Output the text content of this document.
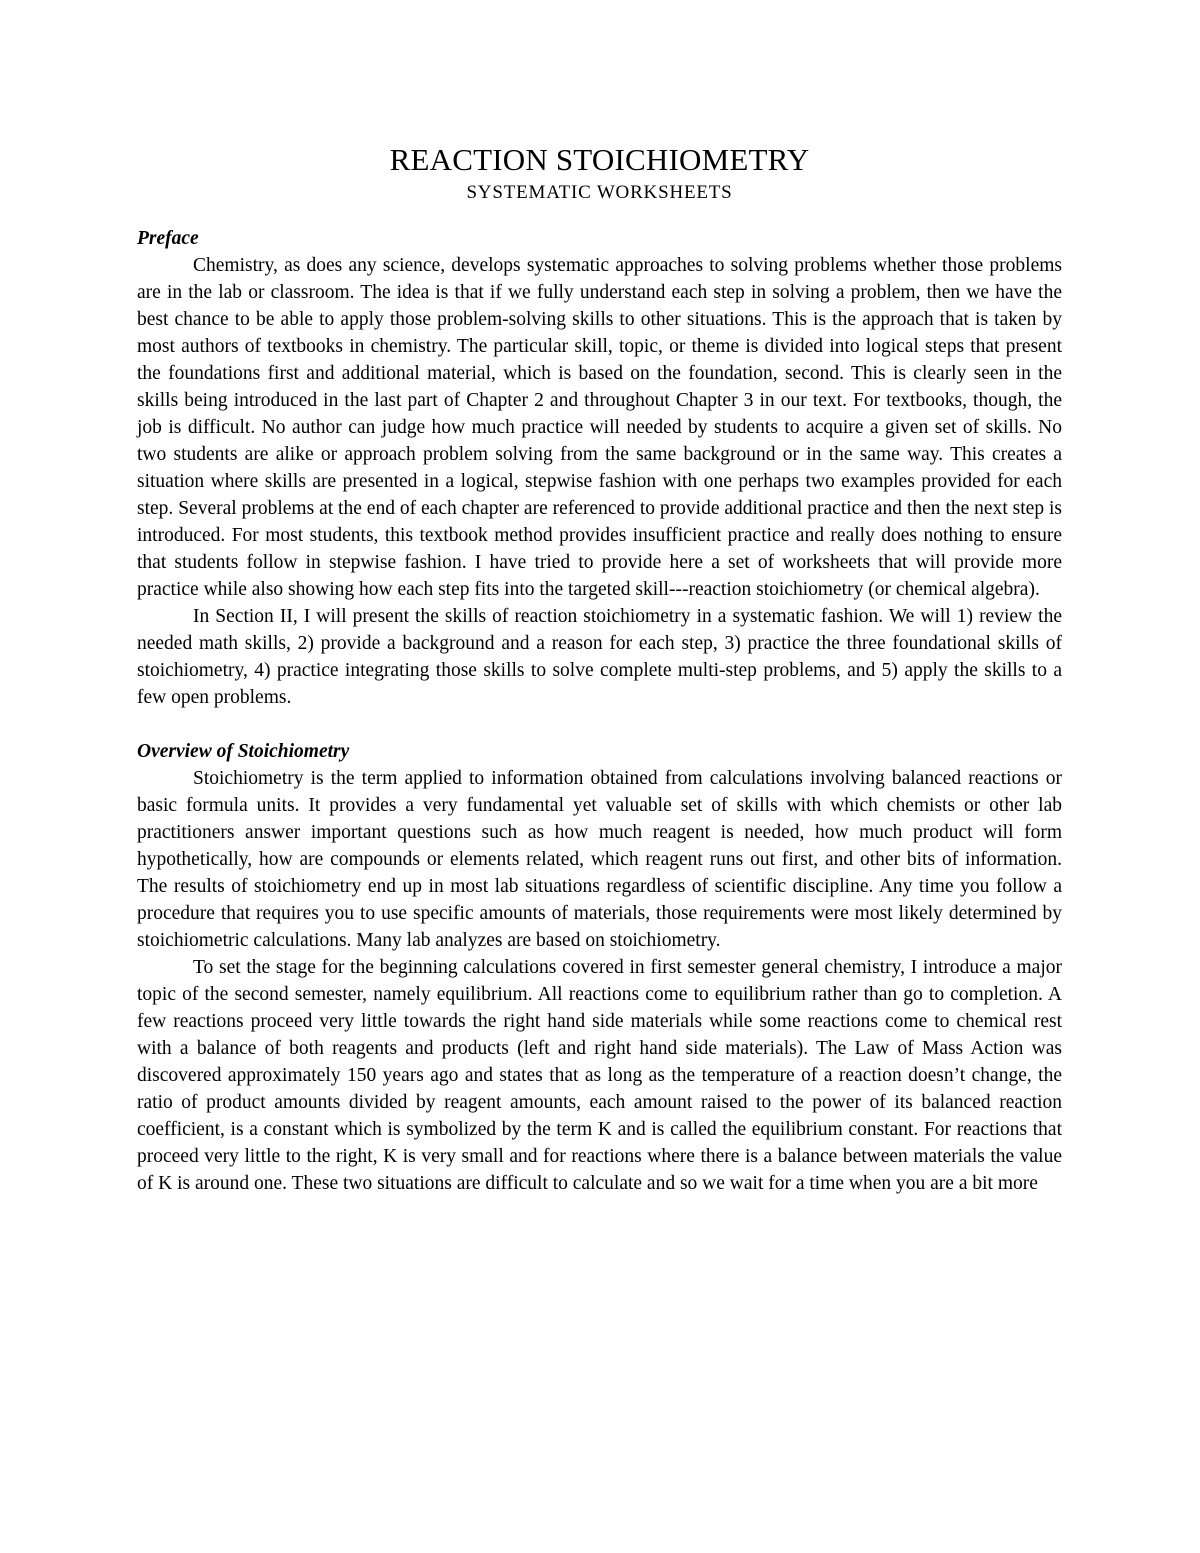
REACTION STOICHIOMETRY
SYSTEMATIC WORKSHEETS
Preface

Chemistry, as does any science, develops systematic approaches to solving problems whether those problems are in the lab or classroom. The idea is that if we fully understand each step in solving a problem, then we have the best chance to be able to apply those problem-solving skills to other situations. This is the approach that is taken by most authors of textbooks in chemistry. The particular skill, topic, or theme is divided into logical steps that present the foundations first and additional material, which is based on the foundation, second. This is clearly seen in the skills being introduced in the last part of Chapter 2 and throughout Chapter 3 in our text. For textbooks, though, the job is difficult. No author can judge how much practice will needed by students to acquire a given set of skills. No two students are alike or approach problem solving from the same background or in the same way. This creates a situation where skills are presented in a logical, stepwise fashion with one perhaps two examples provided for each step. Several problems at the end of each chapter are referenced to provide additional practice and then the next step is introduced. For most students, this textbook method provides insufficient practice and really does nothing to ensure that students follow in stepwise fashion. I have tried to provide here a set of worksheets that will provide more practice while also showing how each step fits into the targeted skill---reaction stoichiometry (or chemical algebra).

In Section II, I will present the skills of reaction stoichiometry in a systematic fashion. We will 1) review the needed math skills, 2) provide a background and a reason for each step, 3) practice the three foundational skills of stoichiometry, 4) practice integrating those skills to solve complete multi-step problems, and 5) apply the skills to a few open problems.

Overview of Stoichiometry

Stoichiometry is the term applied to information obtained from calculations involving balanced reactions or basic formula units. It provides a very fundamental yet valuable set of skills with which chemists or other lab practitioners answer important questions such as how much reagent is needed, how much product will form hypothetically, how are compounds or elements related, which reagent runs out first, and other bits of information. The results of stoichiometry end up in most lab situations regardless of scientific discipline. Any time you follow a procedure that requires you to use specific amounts of materials, those requirements were most likely determined by stoichiometric calculations. Many lab analyzes are based on stoichiometry.

To set the stage for the beginning calculations covered in first semester general chemistry, I introduce a major topic of the second semester, namely equilibrium. All reactions come to equilibrium rather than go to completion. A few reactions proceed very little towards the right hand side materials while some reactions come to chemical rest with a balance of both reagents and products (left and right hand side materials). The Law of Mass Action was discovered approximately 150 years ago and states that as long as the temperature of a reaction doesn’t change, the ratio of product amounts divided by reagent amounts, each amount raised to the power of its balanced reaction coefficient, is a constant which is symbolized by the term K and is called the equilibrium constant. For reactions that proceed very little to the right, K is very small and for reactions where there is a balance between materials the value of K is around one. These two situations are difficult to calculate and so we wait for a time when you are a bit more
